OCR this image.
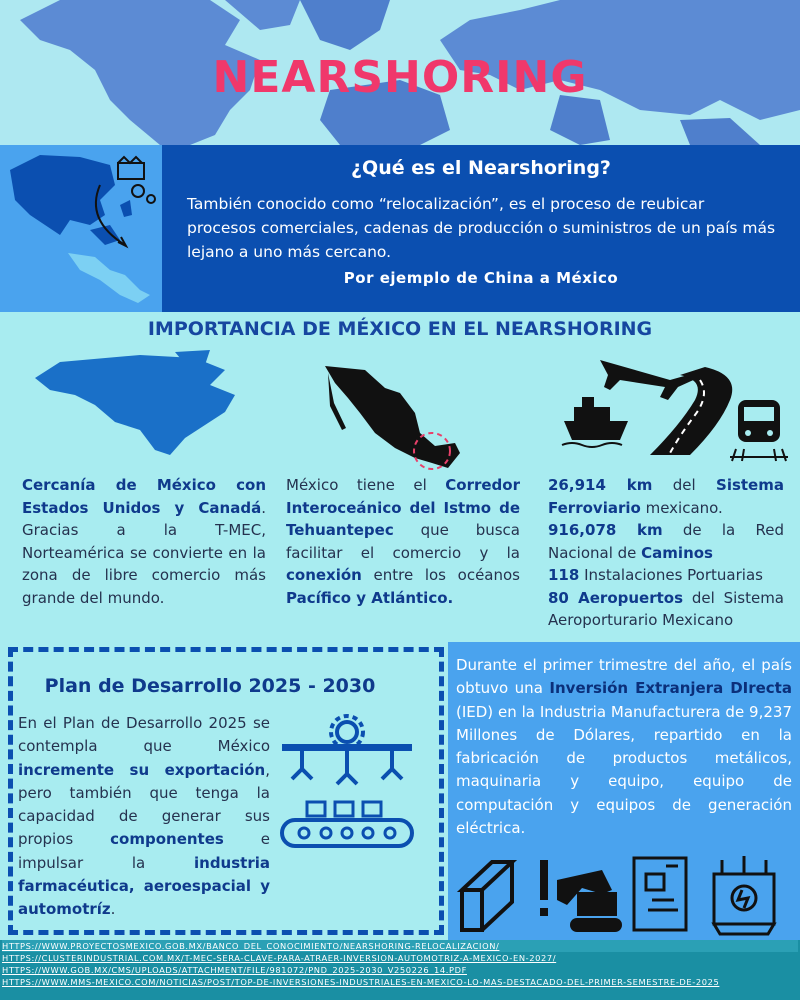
NEARSHORING
¿Qué es el Nearshoring?
También conocido como “relocalización”, es el proceso de reubicar procesos comerciales, cadenas de producción o suministros de un país más lejano a uno más cercano.
Por ejemplo de China a México
IMPORTANCIA DE MÉXICO EN EL NEARSHORING
Cercanía de México con Estados Unidos y Canadá. Gracias a la T-MEC, Norteamérica se convierte en la zona de libre comercio más grande del mundo.
México tiene el Corredor Interoceánico del Istmo de Tehuantepec que busca facilitar el comercio y la conexión entre los océanos Pacífico y Atlántico.
26,914 km del Sistema Ferroviario mexicano.
916,078 km de la Red Nacional de Caminos
118 Instalaciones Portuarias
80 Aeropuertos del Sistema Aeroporturario Mexicano
Plan de Desarrollo 2025 - 2030
En el Plan de Desarrollo 2025 se contempla que México incremente su exportación, pero también que tenga la capacidad de generar sus propios componentes e impulsar la industria farmacéutica, aeroespacial y automotríz.
Durante el primer trimestre del año, el país obtuvo una Inversión Extranjera DIrecta (IED) en la Industria Manufacturera de 9,237 Millones de Dólares, repartido en la fabricación de productos metálicos, maquinaria y equipo, equipo de computación y equipos de generación eléctrica.
HTTPS://WWW.PROYECTOSMEXICO.GOB.MX/BANCO_DEL_CONOCIMIENTO/NEARSHORING-RELOCALIZACION/
HTTPS://CLUSTERINDUSTRIAL.COM.MX/T-MEC-SERA-CLAVE-PARA-ATRAER-INVERSION-AUTOMOTRIZ-A-MEXICO-EN-2027/
HTTPS://WWW.GOB.MX/CMS/UPLOADS/ATTACHMENT/FILE/981072/PND_2025-2030_V250226_14.PDF
HTTPS://WWW.MMS-MEXICO.COM/NOTICIAS/POST/TOP-DE-INVERSIONES-INDUSTRIALES-EN-MEXICO-LO-MAS-DESTACADO-DEL-PRIMER-SEMESTRE-DE-2025
